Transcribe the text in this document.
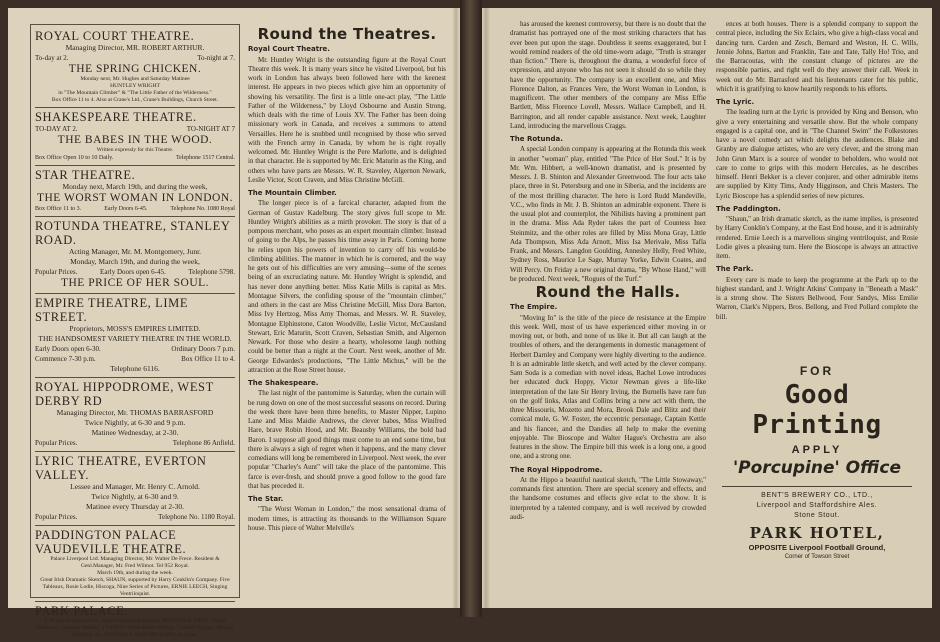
ROYAL COURT THEATRE.
Managing Director, MR. ROBERT ARTHUR.
To-day at 2.	To-night at 7.
THE SPRING CHICKEN.
Monday next, Mr. Hughes and Saturday Matinee
HUNTLEY WRIGHT
in "The Mountain Climber" & "The Little Father of the Wilderness."
Box Office 11 to 4. Also at Crane's Ltd., Crane's Buildings, Church Street.
SHAKESPEARE THEATRE.
TO-DAY AT 2.	TO-NIGHT AT 7
THE BABES IN THE WOOD.
Written expressly for this Theatre.
Box Office Open 10 to 10 Daily.	Telephone 1517 Central.
STAR THEATRE.
Monday next, March 19th, and during the week,
THE WORST WOMAN IN LONDON.
Box Office 11 to 3.	Early Doors 6-45.	Telephone No. 1080 Royal
ROTUNDA THEATRE, STANLEY ROAD.
Acting Manager, Mr. M. Montgomery, Junr.
Monday, March 19th, and during the week,
Popular Prices.	Early Doors open 6-45.	Telephone 5798.
THE PRICE OF HER SOUL.
EMPIRE THEATRE, LIME STREET.
Proprietors, MOSS'S EMPIRES LIMITED.
THE HANDSOMEST VARIETY THEATRE IN THE WORLD.
Early Doors open 6-30.	Ordinary Doors 7 p.m.
Commence 7-30 p.m.	Box Office 11 to 4.
Telephone 6116.
ROYAL HIPPODROME, WEST DERBY RD
Managing Director, Mr. THOMAS BARRASFORD
Twice Nightly, at 6-30 and 9 p.m.
Matinee Wednesday, at 2-30.
Popular Prices.	Telephone 86 Anfield.
LYRIC THEATRE, EVERTON VALLEY.
Lessee and Manager, Mr. Henry C. Arnold.
Twice Nightly, at 6-30 and 9.
Matinee every Thursday at 2-30.
Popular Prices.	Telephone No. 1180 Royal.
PADDINGTON PALACE VAUDEVILLE THEATRE.
Palace Liverpool Ltd. Managing Director, Mr. Walter De Frece. Resident & Genl.Manager, Mr. Fred Wilmot. Tel 952 Royal.
March 19th, and during the week.
Great Irish Dramatic Sketch, SHAUN, supported by Harry Conklin's Company. Five Tableaux, Rosie Lodie, Hiscoga, Nine Series of Pictures, ERNIE LEECH, Singing Ventriloquist.
PARK PALACE.
J. Wright Atkins and Co. in the Sensational Episode SENSATH & WEST, Sisters Bellwood, Comedy Artistes, 4 SANDY 4 Miss Kettle Warren, Clarke's Nippers, Boxing Dancing, etc. Fred Pollard, MISS BELLONG, Acrobat.
Round the Theatres.
Royal Court Theatre.

Mr. Huntley Wright is the outstanding figure at the Royal Court Theatre this week. It is many years since he visited Liverpool, but his work in London has always been followed here with the keenest interest. He appears in two pieces which give him an opportunity of showing his versatility. The first is a little one-act play, "The Little Father of the Wilderness," by Lloyd Osbourne and Austin Strong, which deals with the time of Louis XV. The Father has been doing missionary work in Canada, and receives a summons to attend Versailles. Here he is snubbed until recognised by those who served with the French army in Canada, by whom he is right royally welcomed. Mr. Huntley Wright is the Pere Marlotte, and is delighted in that character. He is supported by Mr. Eric Maturin as the King, and others who have parts are Messrs. W. R. Staveley, Algernon Newark, Leslie Victor, Scott Craven, and Miss Christine McGill.

The Mountain Climber.

The longer piece is of a farcical character, adapted from the German of Gustav Kadelburg. The story gives full scope to Mr. Huntley Wright's abilities as a mirth provoker. The story is that of a pompous merchant, who poses as an expert mountain climber. Instead of going to the Alps, he passes his time away in Paris. Coming home he relies upon his powers of invention to carry off his would-be climbing abilities. The manner in which he is cornered, and the way he gets out of his difficulties are very amusing—some of the scenes being of an excruciating nature. Mr. Huntley Wright is splendid, and has never done anything better. Miss Katie Mills is capital as Mrs. Montague Silvers, the confiding spouse of the "mountain climber," and others in the cast are Miss Christine McGill, Miss Dora Barton, Miss Ivy Hertzog, Miss Amy Thomas, and Messrs. W. R. Staveley, Montague Elphinstone, Caton Woodville, Leslie Victor, McCausland Stewart, Eric Maturin, Scott Craven, Sebastian Smith, and Algernon Newark. For those who desire a hearty, wholesome laugh nothing could be better than a night at the Court. Next week, another of Mr. George Edwardes's productions, "The Little Michus," will be the attraction at the Rose Street house.

The Shakespeare.

The last night of the pantomime is Saturday, when the curtain will be rung down on one of the most successful seasons on record. During the week there have been three benefits, to Master Nipper, Lupino Lane and Miss Maidie Andrews, the clever babes, Miss Winifred Hare, brave Robin Hood, and Mr. Beausby Williams, the bold bad Baron. I suppose all good things must come to an end some time, but there is always a sigh of regret when it happens, and the many clever comedians will long be remembered in Liverpool. Next week, the ever popular "Charley's Aunt" will take the place of the pantomime. This farce is ever-fresh, and should prove a good follow to the good fare that has preceded it.

The Star.

"The Worst Woman in London," the most sensational drama of modern times, is attracting its thousands to the Williamson Square house. This piece of Walter Melville's

has aroused the keenest controversy, but there is no doubt that the dramatist has portrayed one of the most striking characters that has ever been put upon the stage. Doubtless it seems exaggerated, but I would remind readers of the old time-worn adage, "Truth is stranger than fiction." There is, throughout the drama, a wonderful force of expression, and anyone who has not seen it should do so while they have the opportunity. The company is an excellent one, and Miss Florence Dalton, as Frances Vere, the Worst Woman in London, is magnificent. The other members of the company are Miss Effie Bartlett, Miss Florence Lovell, Messrs. Wallace Campbell, and H. Barrington, and all render capable assistance. Next week, Laughter Land, introducing the marvellous Craggs.

The Rotunda.

A special London company is appearing at the Rotunda this week in another "woman" play, entitled "The Price of Her Soul." It is by Mr. Wm. Hibbert, a well-known dramatist, and is presented by Messrs. J. B. Shinton and Alexander Greenwood. The four acts take place, three in St. Petersburg and one in Siberia, and the incidents are of the most thrilling character. The hero is Lord Rudd Mandeville, V.C., who finds in Mr. J. B. Shinton an admirable exponent. There is the usual plot and counterplot, the Nihilists having a prominent part in the drama. Miss Ada Ryder takes the part of Countess Inez Steinmitz, and the other roles are filled by Miss Mona Gray, Little Ada Thompson, Miss Ada Arnott, Miss Isa Merivale, Miss Tafla Frank, and Messrs. Langdon Goulding, Annesley Helly, Fred White, Sydney Ross, Maurice Le Sage, Murray Yorke, Edwin Coates, and Will Percy. On Friday a new original drama, "By Whose Hand," will be produced. Next week, "Rogues of the Turf."

Round the Halls.
The Empire.

"Moving In" is the title of the piece de resistance at the Empire this week. Well, most of us have experienced either moving in or moving out, or both, and none of us like it. But all can laugh at the troubles of others, and the derangements in domestic management of Herbert Darnley and Company were highly diverting to the audience. It is an admirable little sketch, and well acted by the clever company. Sam Soda is a comedian with novel ideas, Rachel Lowe introduces her educated duck Hoppy, Victor Newman gives a life-like interpretation of the late Sir Henry Irving, the Burnells have rare fun on the golf links, Atlas and Collins bring a new act with them, the three Missouris, Mozetto and Mora, Brook Dale and Blitz and their comical mule, G. W. Foster, the eccentric personage, Captain Kettle and his fiancee, and the Dandies all help to make the evening enjoyable. The Bioscope and Walter Hague's Orchestra are also features in the show. The Empire bill this week is a long one, a good one, and a strong one.

The Royal Hippodrome.

At the Hippo a beautiful nautical sketch, "The Little Stowaway," commands first attention. There are special scenery and effects, and the handsome costumes and effects give eclat to the show. It is interpreted by a talented company, and is well received by crowded audi-

ences at both houses. There is a splendid company to support the central piece, including the Six Eclairs, who give a high-class vocal and dancing turn. Carden and Zesch, Bernard and Weston, H. C. Wills, Jennie Johns, Barton and Franklin, Tate and Tate, Tally Ho! Trio, and the Barracoutas, with the constant change of pictures are the responsible parties, and right well do they answer their call. Week in week out do Mr. Barrasford and his lieutenants cater for his public, which it is gratifying to know heartily responds to his efforts.

The Lyric.

The leading turn at the Lyric is provided by King and Benson, who give a very entertaining and versatile show. But the whole company engaged is a capital one, and in "The Channel Swim" the Folkestones have a novel comedy act which delights the audiences. Blake and Granby are dialogue artistes, who are very clever, and the strong man John Grun Marx is a source of wonder to beholders, who would not care to come to grips with this modern Hercules, as he describes himself. Henri Bekker is a clever conjurer, and other admirable items are supplied by Kitty Tims, Andy Higginson, and Chris Masters. The Lyric Bioscope has a splendid series of new pictures.

The Paddington.

"Shaun," an Irish dramatic sketch, as the name implies, is presented by Harry Conklin's Company, at the East End house, and it is admirably rendered. Ernie Leech is a marvellous singing ventriloquist, and Rosie Lodie gives a pleasing turn. Here the Bioscope is always an attractive item.

The Park.

Every care is made to keep the programme at the Park up to the highest standard, and J. Wright Atkins' Company in "Beneath a Mask" is a strong show. The Sisters Bellwood, Four Sandys, Miss Emilie Warren, Clark's Nippers, Bros. Bellong, and Fred Pollard complete the bill.

FOR
Good Printing
APPLY
'Porcupine' Office
BENT'S BREWERY CO., LTD.,
Liverpool and Staffordshire Ales.
Stone Stout.
PARK HOTEL,
OPPOSITE Liverpool Football Ground,
Corner of Towson Street
